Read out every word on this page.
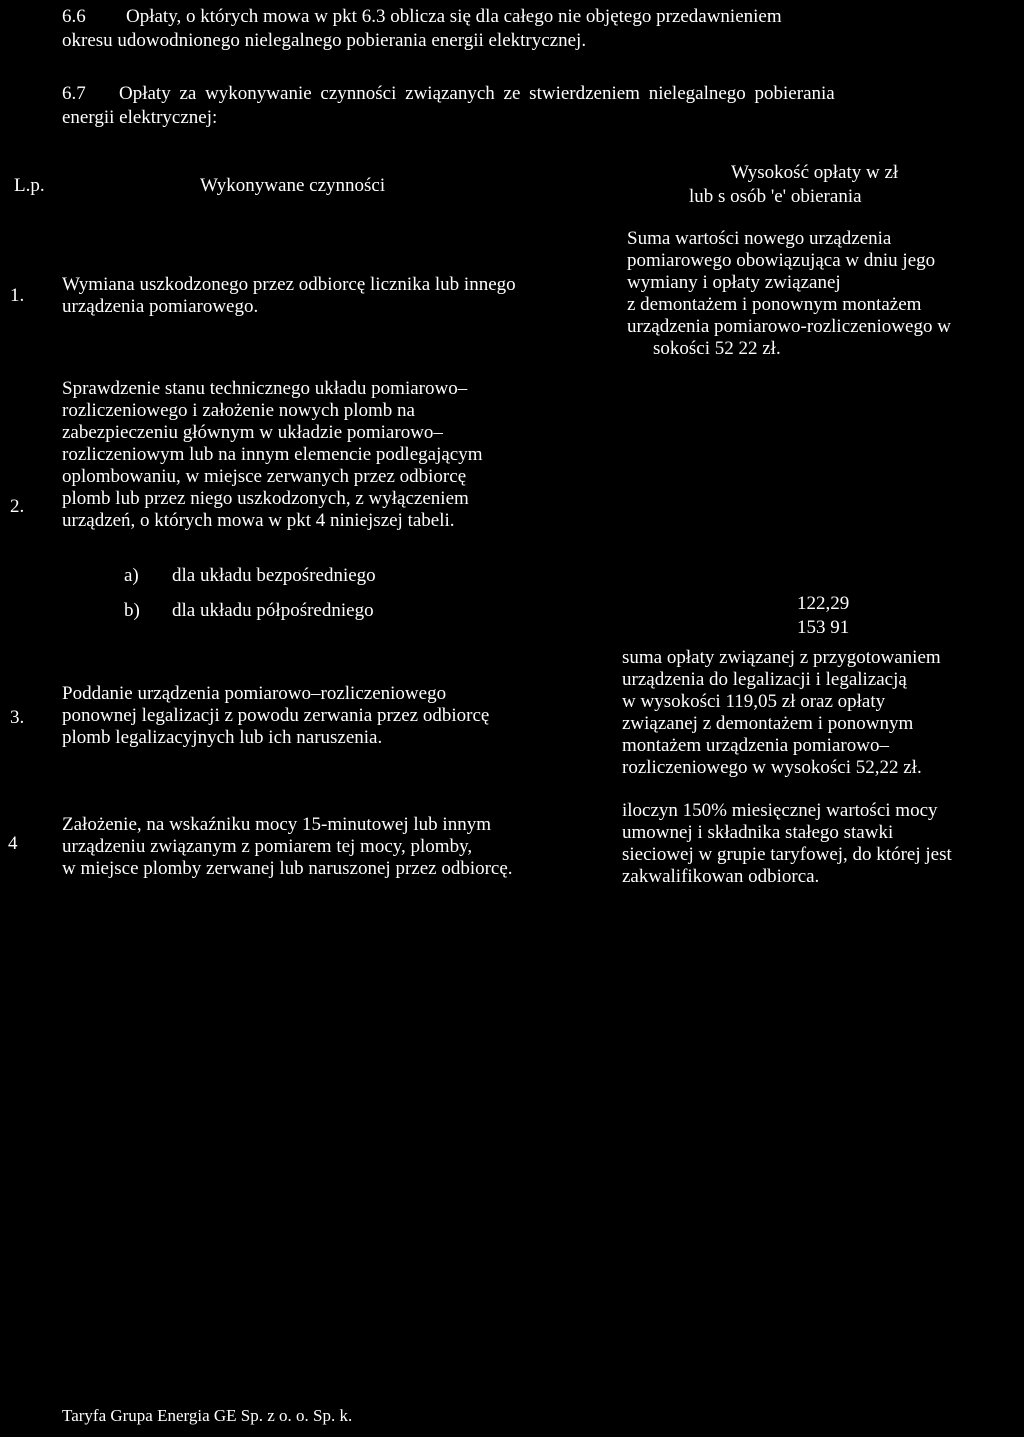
6.6 Opłaty, o których mowa w pkt 6.3 oblicza się dla całego nie objętego przedawnieniem
okresu udowodnionego nielegalnego pobierania energii elektrycznej.
6.7 Opłaty za wykonywanie czynności związanych ze stwierdzeniem nielegalnego pobierania
energii elektrycznej:
L.p.	Wykonywane czynności
Wysokość opłaty w zł
lub s osób 'e' obierania
1.
Wymiana uszkodzonego przez odbiorcę licznika lub innego
urządzenia pomiarowego.
Suma wartości nowego urządzenia
pomiarowego obowiązująca w dniu jego
wymiany i opłaty związanej
z demontażem i ponownym montażem
urządzenia pomiarowo-rozliczeniowego w
sokości 52 22 zł.
2.
Sprawdzenie stanu technicznego układu pomiarowo–
rozliczeniowego i założenie nowych plomb na
zabezpieczeniu głównym w układzie pomiarowo–
rozliczeniowym lub na innym elemencie podlegającym
oplombowaniu, w miejsce zerwanych przez odbiorcę
plomb lub przez niego uszkodzonych, z wyłączeniem
urządzeń, o których mowa w pkt 4 niniejszej tabeli.
a) dla układu bezpośredniego
b) dla układu półpośredniego	122,29
153 91
3.
Poddanie urządzenia pomiarowo–rozliczeniowego
ponownej legalizacji z powodu zerwania przez odbiorcę
plomb legalizacyjnych lub ich naruszenia.
suma opłaty związanej z przygotowaniem
urządzenia do legalizacji i legalizacją
w wysokości 119,05 zł oraz opłaty
związanej z demontażem i ponownym
montażem urządzenia pomiarowo–
rozliczeniowego w wysokości 52,22 zł.
4
Założenie, na wskaźniku mocy 15-minutowej lub innym
urządzeniu związanym z pomiarem tej mocy, plomby,
w miejsce plomby zerwanej lub naruszonej przez odbiorcę.
iloczyn 150% miesięcznej wartości mocy
umownej i składnika stałego stawki
sieciowej w grupie taryfowej, do której jest
zakwalifikowan odbiorca.
Taryfa Grupa Energia GE Sp. z o. o. Sp. k.
